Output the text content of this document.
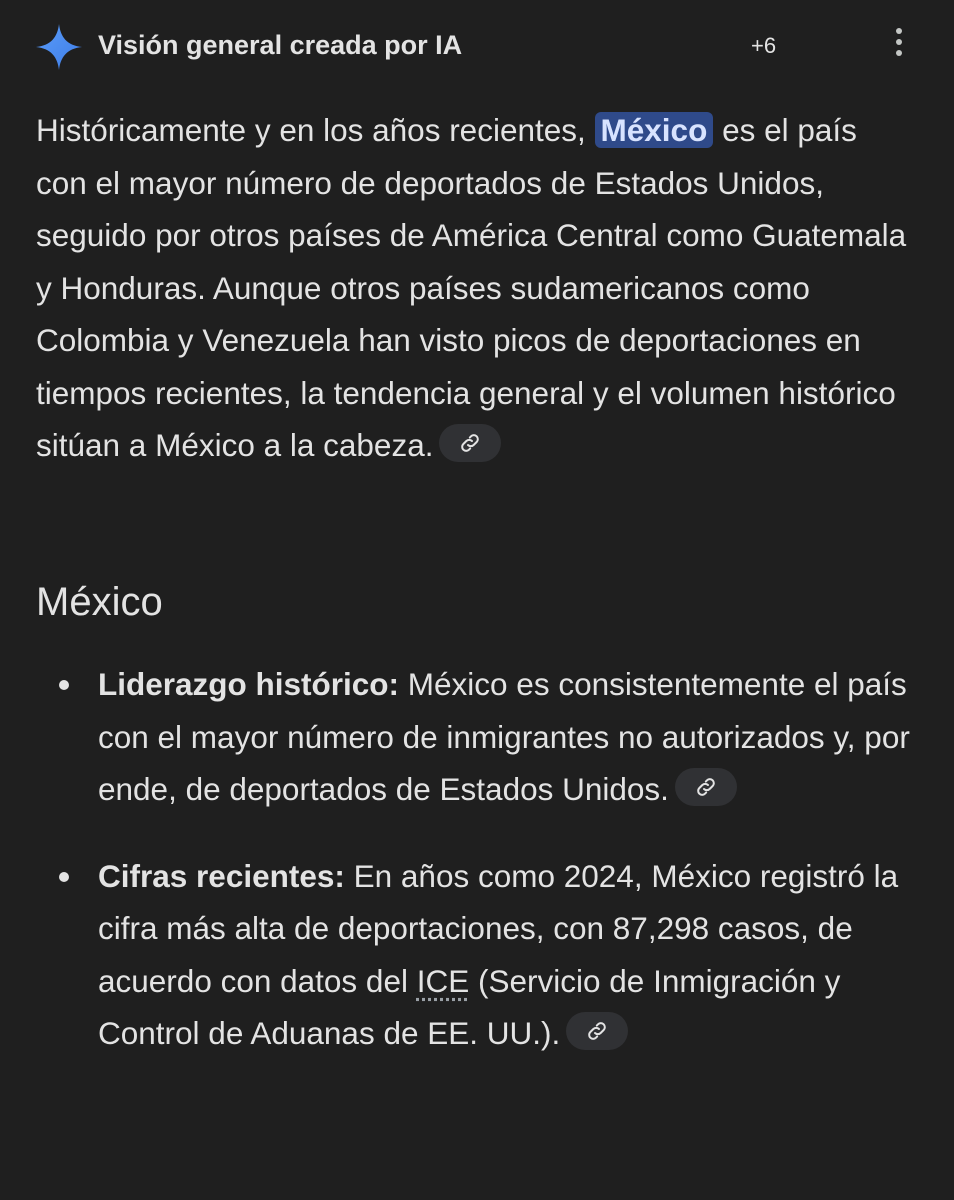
Visión general creada por IA	+6

Históricamente y en los años recientes, México es el país con el mayor número de deportados de Estados Unidos, seguido por otros países de América Central como Guatemala y Honduras. Aunque otros países sudamericanos como Colombia y Venezuela han visto picos de deportaciones en tiempos recientes, la tendencia general y el volumen histórico sitúan a México a la cabeza.

México
Liderazgo histórico: México es consistentemente el país con el mayor número de inmigrantes no autorizados y, por ende, de deportados de Estados Unidos.
Cifras recientes: En años como 2024, México registró la cifra más alta de deportaciones, con 87,298 casos, de acuerdo con datos del ICE (Servicio de Inmigración y Control de Aduanas de EE. UU.).
